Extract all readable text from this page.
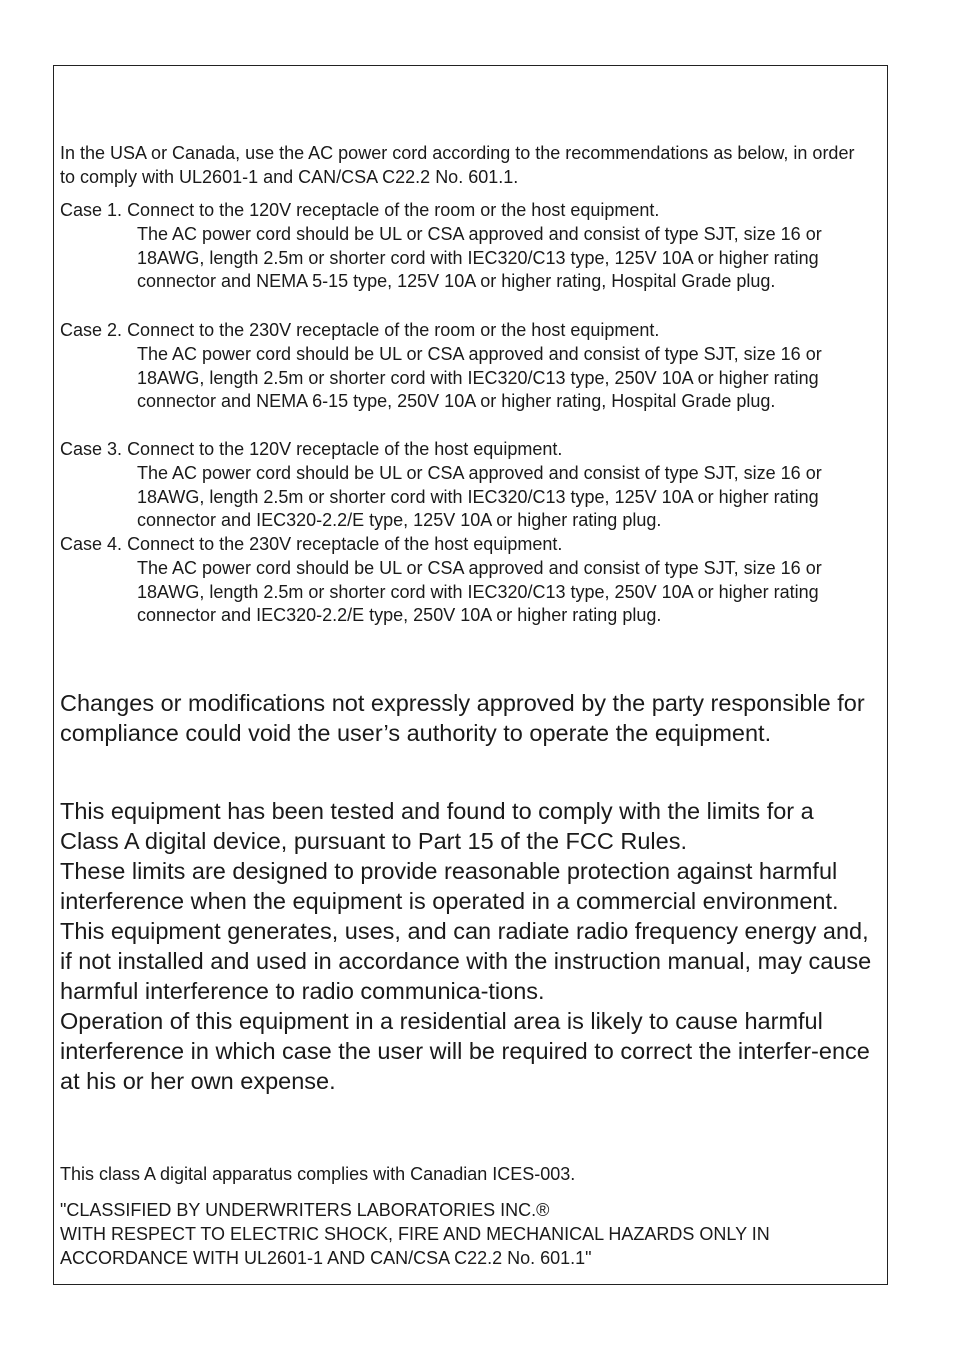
In the USA or Canada, use the AC power cord according to the recommendations as below, in order to comply with UL2601-1 and CAN/CSA C22.2 No. 601.1.

Case 1. Connect to the 120V receptacle of the room or the host equipment.
The AC power cord should be UL or CSA approved and consist of type SJT, size 16 or 18AWG, length 2.5m or shorter cord with IEC320/C13 type, 125V 10A or higher rating connector and NEMA 5-15 type, 125V 10A or higher rating, Hospital Grade plug.
Case 2. Connect to the 230V receptacle of the room or the host equipment.
The AC power cord should be UL or CSA approved and consist of type SJT, size 16 or 18AWG, length 2.5m or shorter cord with IEC320/C13 type, 250V 10A or higher rating connector and NEMA 6-15 type, 250V 10A or higher rating, Hospital Grade plug.
Case 3. Connect to the 120V receptacle of the host equipment.
The AC power cord should be UL or CSA approved and consist of type SJT, size 16 or 18AWG, length 2.5m or shorter cord with IEC320/C13 type, 125V 10A or higher rating connector and IEC320-2.2/E type, 125V 10A or higher rating plug.
Case 4. Connect to the 230V receptacle of the host equipment.
The AC power cord should be UL or CSA approved and consist of type SJT, size 16 or 18AWG, length 2.5m or shorter cord with IEC320/C13 type, 250V 10A or higher rating connector and IEC320-2.2/E type, 250V 10A or higher rating plug.

Changes or modifications not expressly approved by the party responsible for compliance could void the user’s authority to operate the equipment.

This equipment has been tested and found to comply with the limits for a Class A digital device, pursuant to Part 15 of the FCC Rules.
These limits are designed to provide reasonable protection against harmful interference when the equipment is operated in a commercial environment. This equipment generates, uses, and can radiate radio frequency energy and, if not installed and used in accordance with the instruction manual, may cause harmful interference to radio communica-tions.
Operation of this equipment in a residential area is likely to cause harmful interference in which case the user will be required to correct the interfer-ence at his or her own expense.

This class A digital apparatus complies with Canadian ICES-003.

"CLASSIFIED BY UNDERWRITERS LABORATORIES INC.®
WITH RESPECT TO ELECTRIC SHOCK, FIRE AND MECHANICAL HAZARDS ONLY IN ACCORDANCE WITH UL2601-1 AND CAN/CSA C22.2 No. 601.1"
